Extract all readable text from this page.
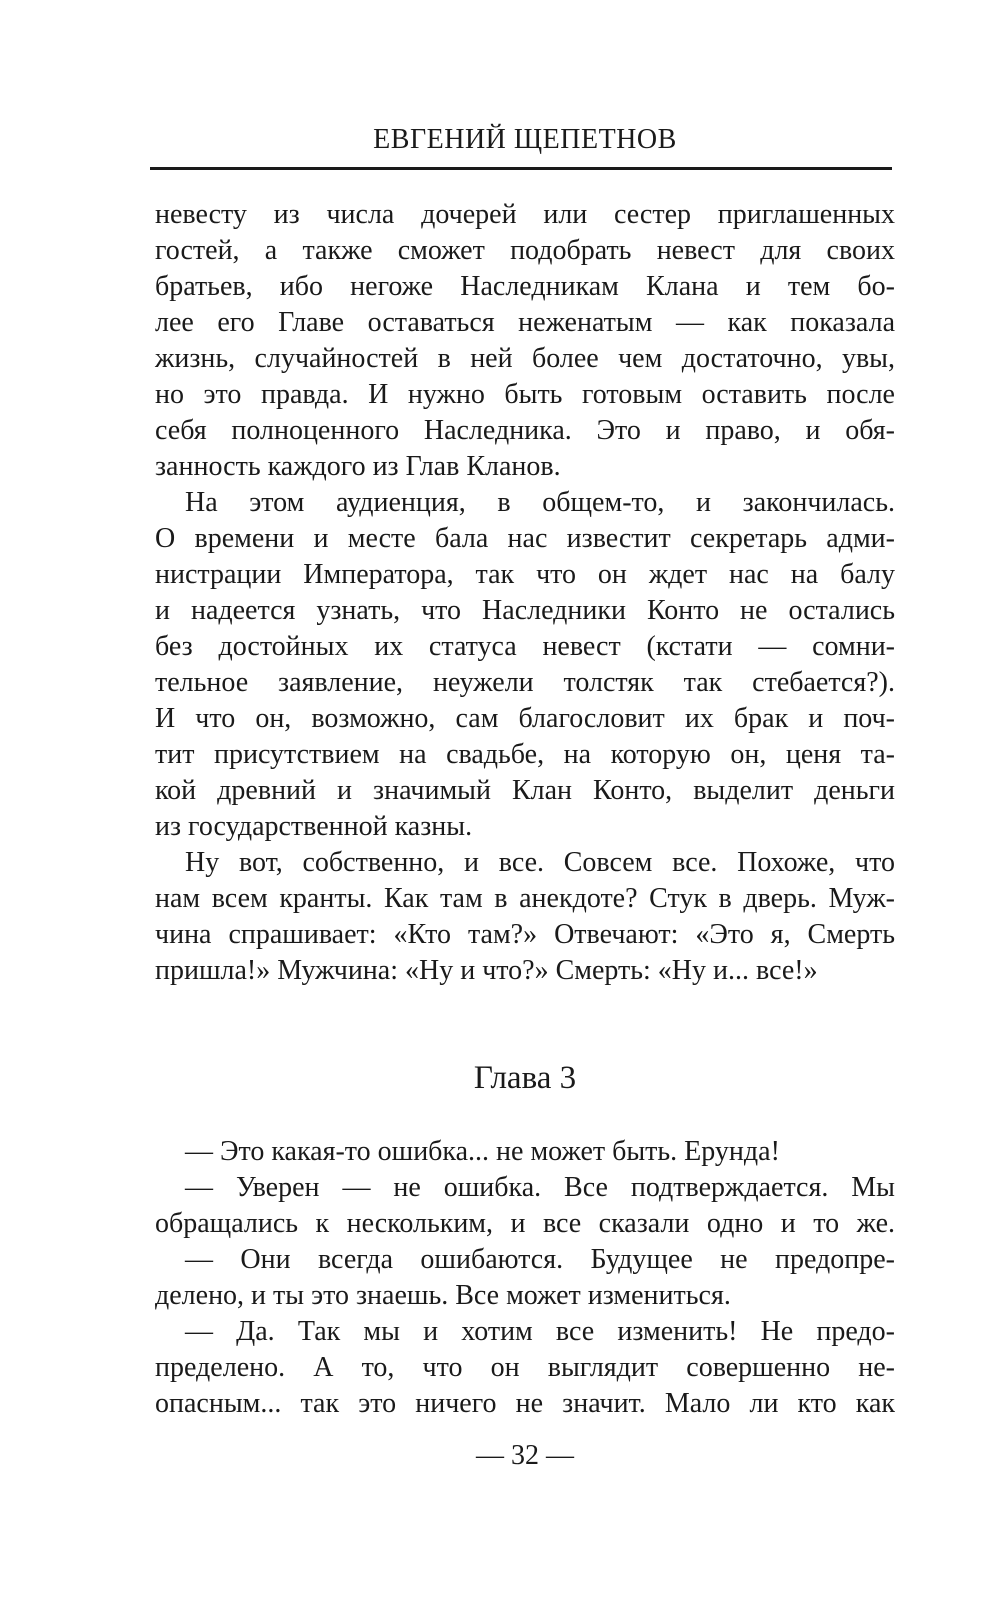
ЕВГЕНИЙ ЩЕПЕТНОВ
невесту из числа дочерей или сестер приглашенных
гостей, а также сможет подобрать невест для своих
братьев, ибо негоже Наследникам Клана и тем бо-
лее его Главе оставаться неженатым — как показала
жизнь, случайностей в ней более чем достаточно, увы,
но это правда. И нужно быть готовым оставить после
себя полноценного Наследника. Это и право, и обя-
занность каждого из Глав Кланов.
На этом аудиенция, в общем-то, и закончилась.
О времени и месте бала нас известит секретарь адми-
нистрации Императора, так что он ждет нас на балу
и надеется узнать, что Наследники Конто не остались
без достойных их статуса невест (кстати — сомни-
тельное заявление, неужели толстяк так стебается?).
И что он, возможно, сам благословит их брак и поч-
тит присутствием на свадьбе, на которую он, ценя та-
кой древний и значимый Клан Конто, выделит деньги
из государственной казны.
Ну вот, собственно, и все. Совсем все. Похоже, что
нам всем кранты. Как там в анекдоте? Стук в дверь. Муж-
чина спрашивает: «Кто там?» Отвечают: «Это я, Смерть
пришла!» Мужчина: «Ну и что?» Смерть: «Ну и... все!»
Глава 3
— Это какая-то ошибка... не может быть. Ерунда!
— Уверен — не ошибка. Все подтверждается. Мы
обращались к нескольким, и все сказали одно и то же.
— Они всегда ошибаются. Будущее не предопре-
делено, и ты это знаешь. Все может измениться.
— Да. Так мы и хотим все изменить! Не предо-
пределено. А то, что он выглядит совершенно не-
опасным... так это ничего не значит. Мало ли кто как
— 32 —
